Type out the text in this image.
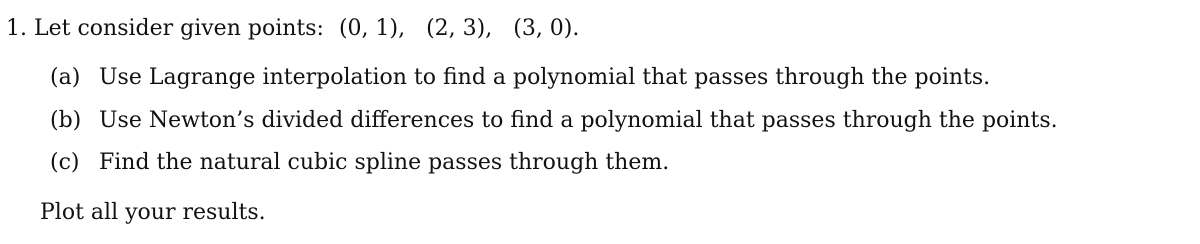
1. Let consider given points: (0, 1), (2, 3), (3, 0).
(a) Use Lagrange interpolation to find a polynomial that passes through the points.
(b) Use Newton’s divided differences to find a polynomial that passes through the points.
(c) Find the natural cubic spline passes through them.
Plot all your results.
